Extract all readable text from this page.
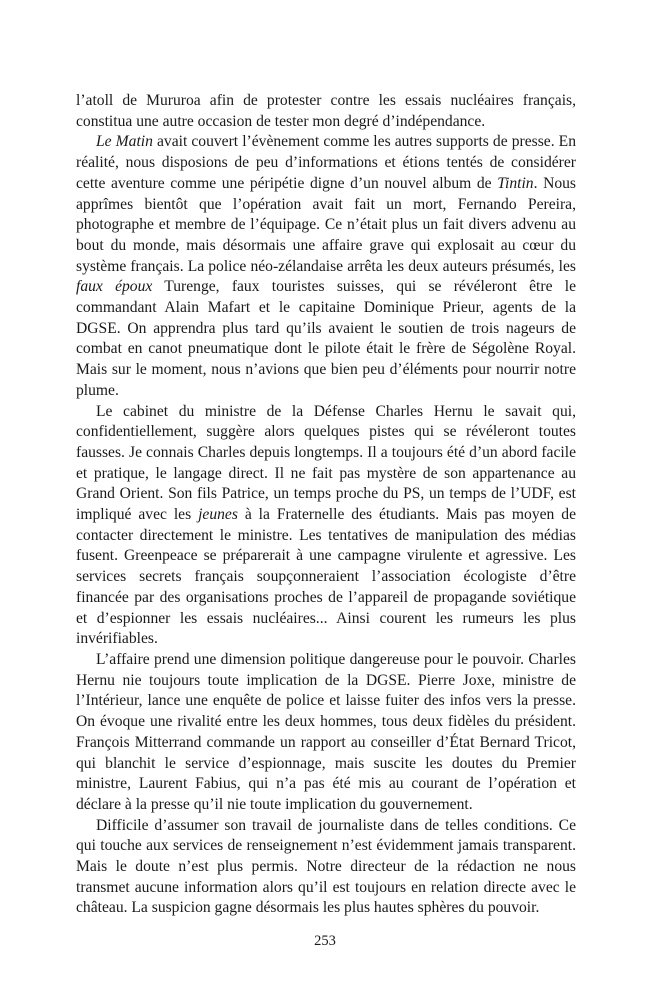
l’atoll de Mururoa afin de protester contre les essais nucléaires français, constitua une autre occasion de tester mon degré d’indépendance.

Le Matin avait couvert l’évènement comme les autres supports de presse. En réalité, nous disposions de peu d’informations et étions tentés de considérer cette aventure comme une péripétie digne d’un nouvel album de Tintin. Nous apprîmes bientôt que l’opération avait fait un mort, Fernando Pereira, photographe et membre de l’équipage. Ce n’était plus un fait divers advenu au bout du monde, mais désormais une affaire grave qui explosait au cœur du système français. La police néo-zélandaise arrêta les deux auteurs présumés, les faux époux Turenge, faux touristes suisses, qui se révéleront être le commandant Alain Mafart et le capitaine Dominique Prieur, agents de la DGSE. On apprendra plus tard qu’ils avaient le soutien de trois nageurs de combat en canot pneumatique dont le pilote était le frère de Ségolène Royal. Mais sur le moment, nous n’avions que bien peu d’éléments pour nourrir notre plume.

Le cabinet du ministre de la Défense Charles Hernu le savait qui, confidentiellement, suggère alors quelques pistes qui se révéleront toutes fausses. Je connais Charles depuis longtemps. Il a toujours été d’un abord facile et pratique, le langage direct. Il ne fait pas mystère de son appartenance au Grand Orient. Son fils Patrice, un temps proche du PS, un temps de l’UDF, est impliqué avec les jeunes à la Fraternelle des étudiants. Mais pas moyen de contacter directement le ministre. Les tentatives de manipulation des médias fusent. Greenpeace se préparerait à une campagne virulente et agressive. Les services secrets français soupçonneraient l’association écologiste d’être financée par des organisations proches de l’appareil de propagande soviétique et d’espionner les essais nucléaires... Ainsi courent les rumeurs les plus invérifiables.

L’affaire prend une dimension politique dangereuse pour le pouvoir. Charles Hernu nie toujours toute implication de la DGSE. Pierre Joxe, ministre de l’Intérieur, lance une enquête de police et laisse fuiter des infos vers la presse. On évoque une rivalité entre les deux hommes, tous deux fidèles du président. François Mitterrand commande un rapport au conseiller d’État Bernard Tricot, qui blanchit le service d’espionnage, mais suscite les doutes du Premier ministre, Laurent Fabius, qui n’a pas été mis au courant de l’opération et déclare à la presse qu’il nie toute implication du gouvernement.

Difficile d’assumer son travail de journaliste dans de telles conditions. Ce qui touche aux services de renseignement n’est évidemment jamais transparent. Mais le doute n’est plus permis. Notre directeur de la rédaction ne nous transmet aucune information alors qu’il est toujours en relation directe avec le château. La suspicion gagne désormais les plus hautes sphères du pouvoir.

253
